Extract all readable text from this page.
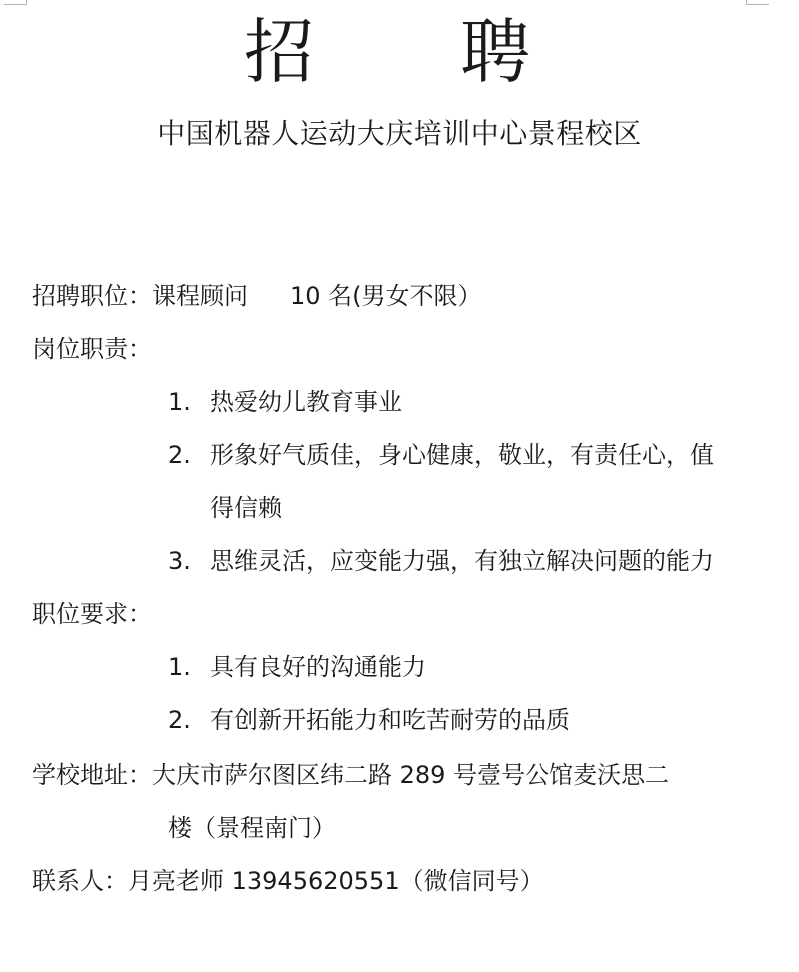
招 聘
中国机器人运动大庆培训中心景程校区
招聘职位：课程顾问 10 名(男女不限）
岗位职责：
1. 热爱幼儿教育事业
2. 形象好气质佳，身心健康，敬业，有责任心，值
得信赖
3. 思维灵活，应变能力强，有独立解决问题的能力
职位要求：
1. 具有良好的沟通能力
2. 有创新开拓能力和吃苦耐劳的品质
学校地址：大庆市萨尔图区纬二路 289 号壹号公馆麦沃思二
楼（景程南门）
联系人：月亮老师 13945620551（微信同号）
